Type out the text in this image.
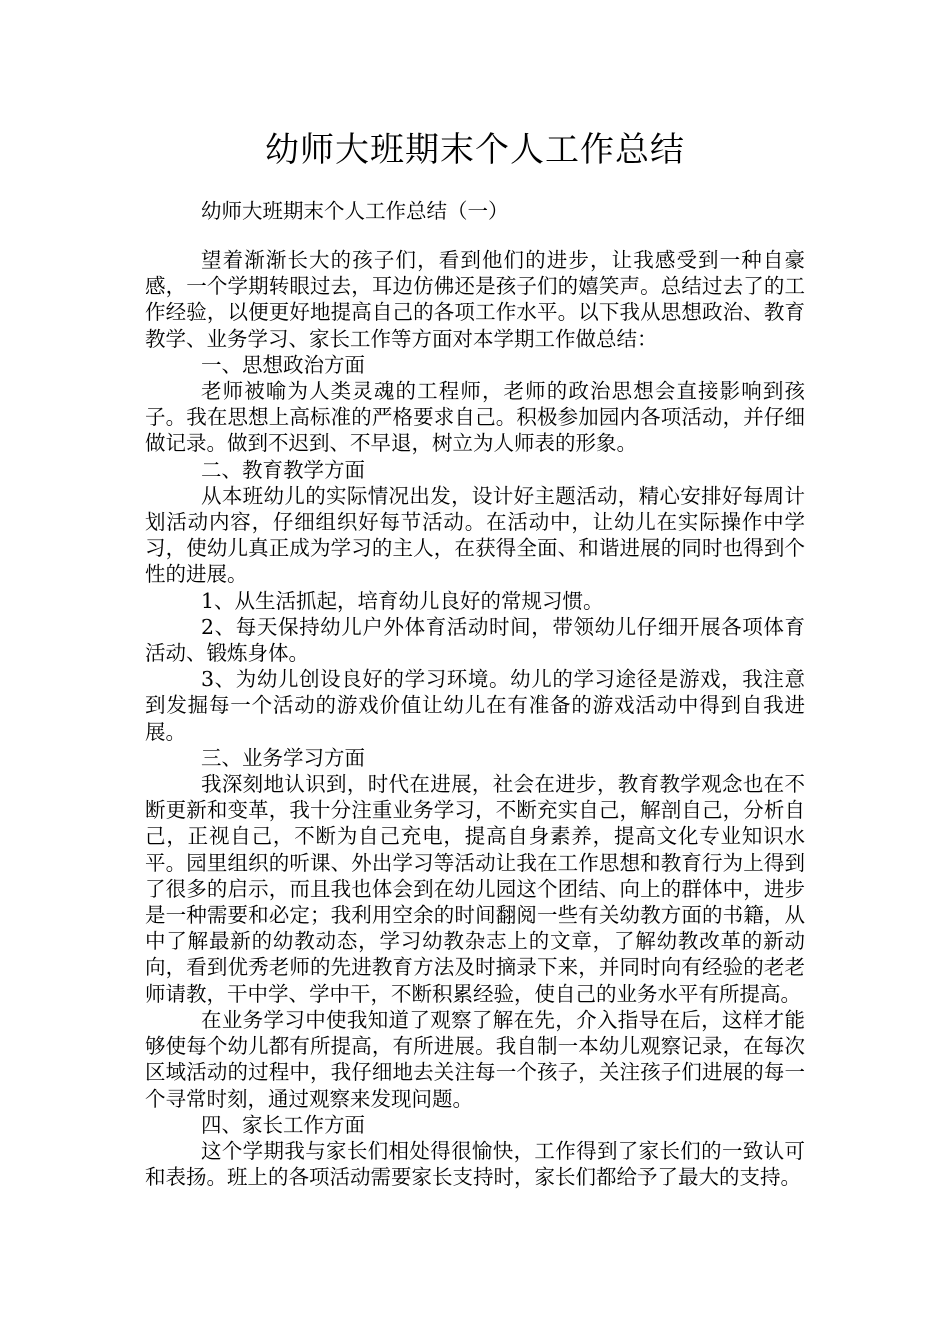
幼师大班期末个人工作总结

幼师大班期末个人工作总结（一）

望着渐渐长大的孩子们，看到他们的进步，让我感受到一种自豪感，一个学期转眼过去，耳边仿佛还是孩子们的嬉笑声。总结过去了的工作经验，以便更好地提高自己的各项工作水平。以下我从思想政治、教育教学、业务学习、家长工作等方面对本学期工作做总结：

一、思想政治方面

老师被喻为人类灵魂的工程师，老师的政治思想会直接影响到孩子。我在思想上高标准的严格要求自己。积极参加园内各项活动，并仔细做记录。做到不迟到、不早退，树立为人师表的形象。

二、教育教学方面

从本班幼儿的实际情况出发，设计好主题活动，精心安排好每周计划活动内容，仔细组织好每节活动。在活动中，让幼儿在实际操作中学习，使幼儿真正成为学习的主人，在获得全面、和谐进展的同时也得到个性的进展。

1、从生活抓起，培育幼儿良好的常规习惯。

2、每天保持幼儿户外体育活动时间，带领幼儿仔细开展各项体育活动、锻炼身体。

3、为幼儿创设良好的学习环境。幼儿的学习途径是游戏，我注意到发掘每一个活动的游戏价值让幼儿在有准备的游戏活动中得到自我进展。

三、业务学习方面

我深刻地认识到，时代在进展，社会在进步，教育教学观念也在不断更新和变革，我十分注重业务学习，不断充实自己，解剖自己，分析自己，正视自己，不断为自己充电，提高自身素养，提高文化专业知识水平。园里组织的听课、外出学习等活动让我在工作思想和教育行为上得到了很多的启示，而且我也体会到在幼儿园这个团结、向上的群体中，进步是一种需要和必定；我利用空余的时间翻阅一些有关幼教方面的书籍，从中了解最新的幼教动态，学习幼教杂志上的文章，了解幼教改革的新动向，看到优秀老师的先进教育方法及时摘录下来，并同时向有经验的老老师请教，干中学、学中干，不断积累经验，使自己的业务水平有所提高。

在业务学习中使我知道了观察了解在先，介入指导在后，这样才能够使每个幼儿都有所提高，有所进展。我自制一本幼儿观察记录，在每次区域活动的过程中，我仔细地去关注每一个孩子，关注孩子们进展的每一个寻常时刻，通过观察来发现问题。

四、家长工作方面

这个学期我与家长们相处得很愉快，工作得到了家长们的一致认可和表扬。班上的各项活动需要家长支持时，家长们都给予了最大的支持。
